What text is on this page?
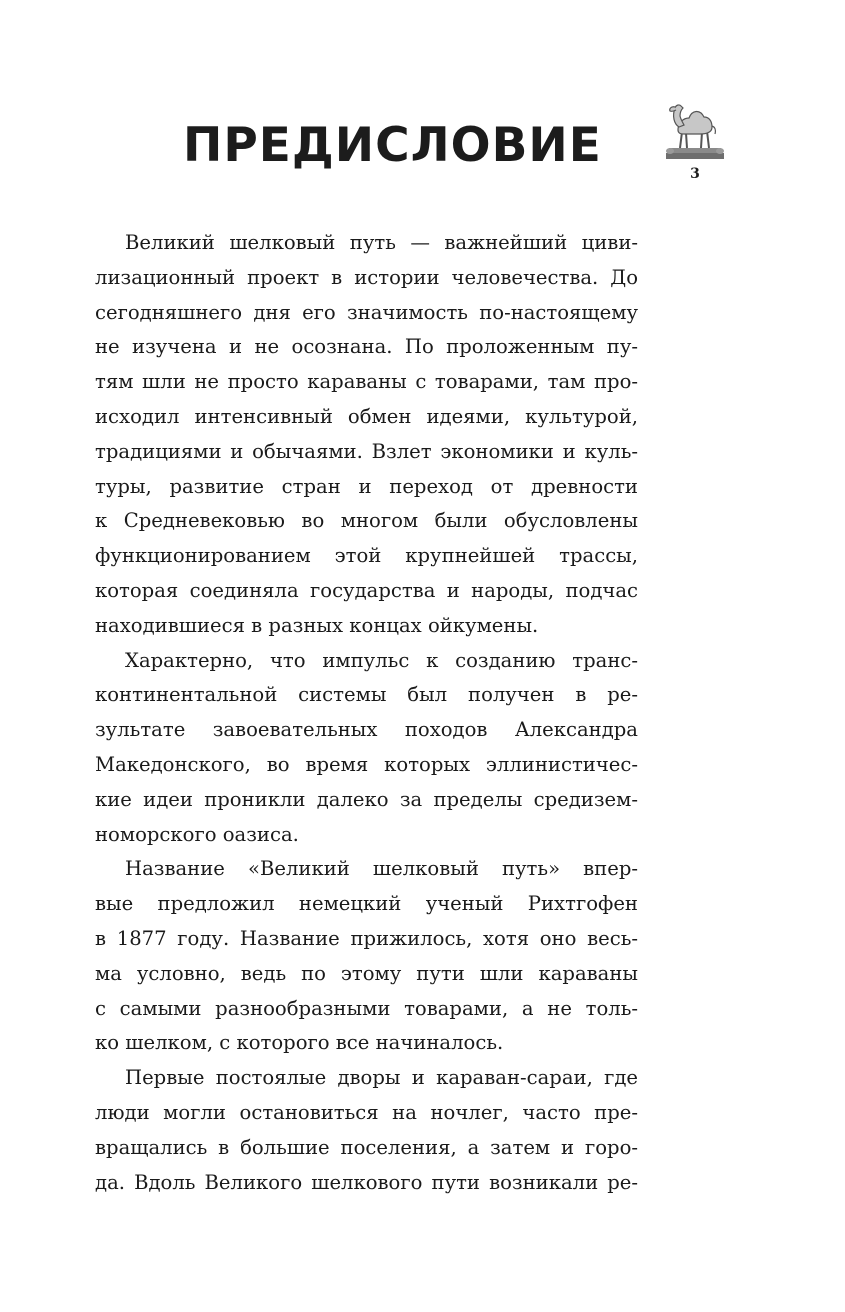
ПРЕДИСЛОВИЕ
3

Великий шелковый путь — важнейший циви-
лизационный проект в истории человечества. До
сегодняшнего дня его значимость по-настоящему
не изучена и не осознана. По проложенным пу-
тям шли не просто караваны с товарами, там про-
исходил интенсивный обмен идеями, культурой,
традициями и обычаями. Взлет экономики и куль-
туры, развитие стран и переход от древности
к Средневековью во многом были обусловлены
функционированием этой крупнейшей трассы,
которая соединяла государства и народы, подчас
находившиеся в разных концах ойкумены.

Характерно, что импульс к созданию транс-
континентальной системы был получен в ре-
зультате завоевательных походов Александра
Македонского, во время которых эллинистичес-
кие идеи проникли далеко за пределы средизем-
номорского оазиса.

Название «Великий шелковый путь» впер-
вые предложил немецкий ученый Рихтгофен
в 1877 году. Название прижилось, хотя оно весь-
ма условно, ведь по этому пути шли караваны
с самыми разнообразными товарами, а не толь-
ко шелком, с которого все начиналось.

Первые постоялые дворы и караван-сараи, где
люди могли остановиться на ночлег, часто пре-
вращались в большие поселения, а затем и горо-
да. Вдоль Великого шелкового пути возникали ре-
